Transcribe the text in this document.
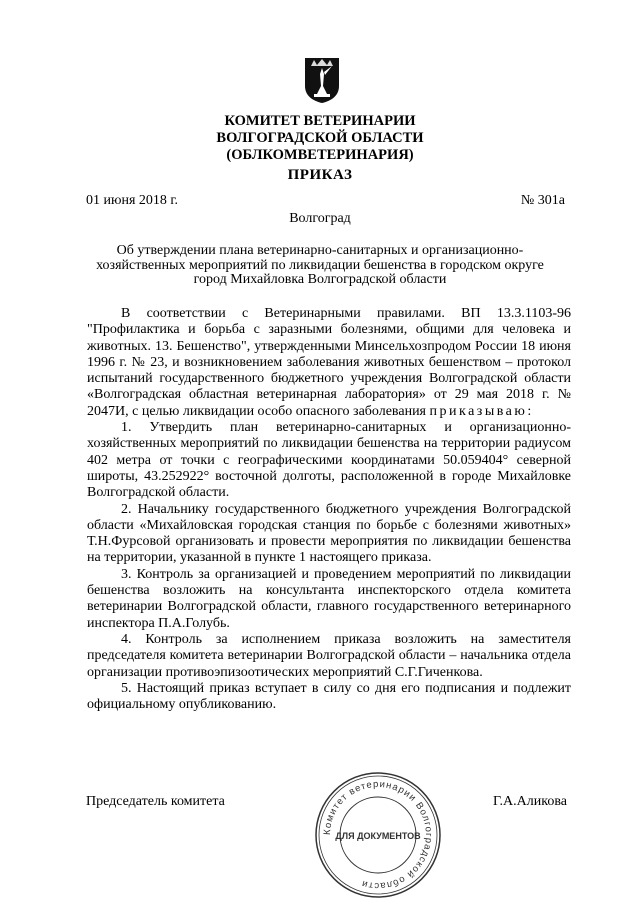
КОМИТЕТ ВЕТЕРИНАРИИ
ВОЛГОГРАДСКОЙ ОБЛАСТИ
(ОБЛКОМВЕТЕРИНАРИЯ)
ПРИКАЗ
01 июня 2018 г.	№ 301а
Волгоград
Об утверждении плана ветеринарно-санитарных и организационно-
хозяйственных мероприятий по ликвидации бешенства в городском округе
город Михайловка Волгоградской области

В соответствии с Ветеринарными правилами. ВП 13.3.1103-96 "Профилактика и борьба с заразными болезнями, общими для человека и животных. 13. Бешенство", утвержденными Минсельхозпродом России 18 июня 1996 г. № 23, и возникновением заболевания животных бешенством – протокол испытаний государственного бюджетного учреждения Волгоградской области «Волгоградская областная ветеринарная лаборатория» от 29 мая 2018 г. № 2047И, с целью ликвидации особо опасного заболевания приказываю:

1. Утвердить план ветеринарно-санитарных и организационно-хозяйственных мероприятий по ликвидации бешенства на территории радиусом 402 метра от точки с географическими координатами 50.059404° северной широты, 43.252922° восточной долготы, расположенной в городе Михайловке Волгоградской области.

2. Начальнику государственного бюджетного учреждения Волгоградской области «Михайловская городская станция по борьбе с болезнями животных» Т.Н.Фурсовой организовать и провести мероприятия по ликвидации бешенства на территории, указанной в пункте 1 настоящего приказа.

3. Контроль за организацией и проведением мероприятий по ликвидации бешенства возложить на консультанта инспекторского отдела комитета ветеринарии Волгоградской области, главного государственного ветеринарного инспектора П.А.Голубь.

4. Контроль за исполнением приказа возложить на заместителя председателя комитета ветеринарии Волгоградской области – начальника отдела организации противоэпизоотических мероприятий С.Г.Гиченкова.

5. Настоящий приказ вступает в силу со дня его подписания и подлежит официальному опубликованию.

Председатель комитета	Г.А.Аликова
Комитет ветеринарии Волгоградской области
ДЛЯ ДОКУМЕНТОВ
